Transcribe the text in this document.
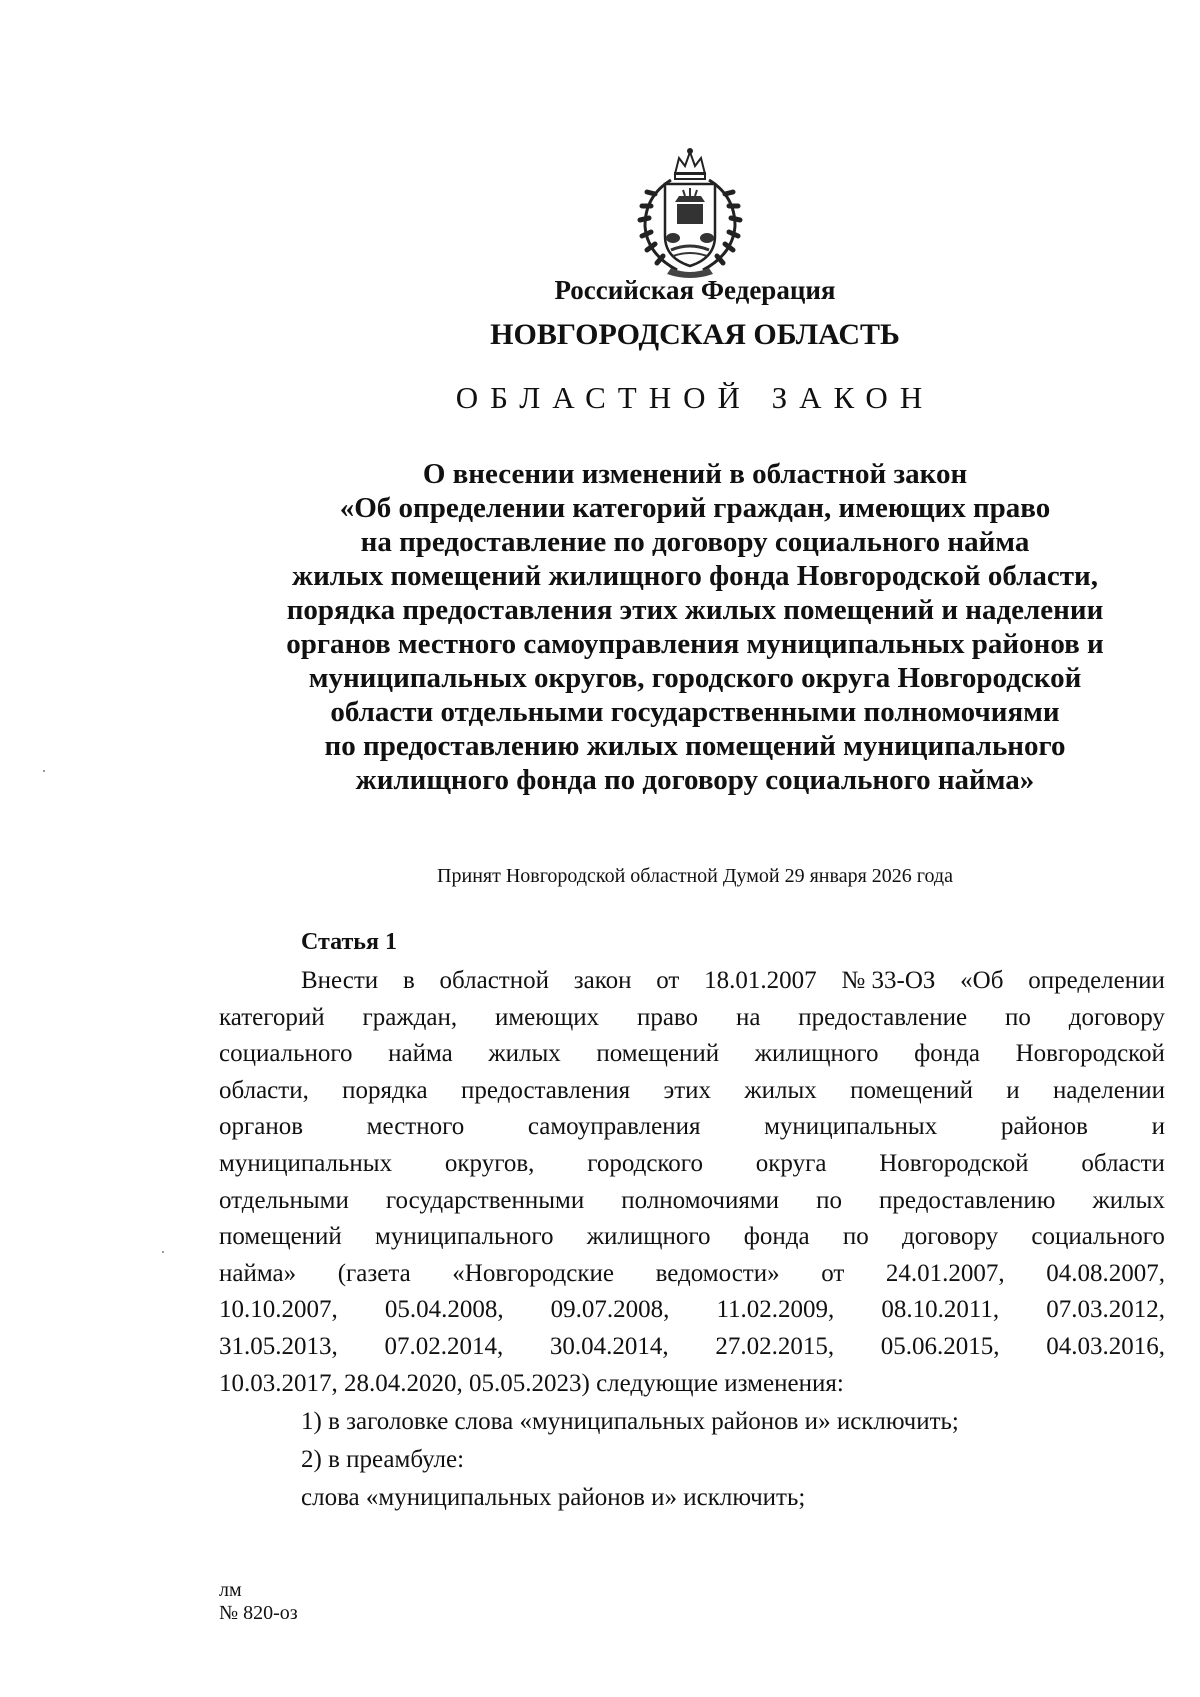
Российская Федерация
НОВГОРОДСКАЯ ОБЛАСТЬ
ОБЛАСТНОЙ ЗАКОН
О внесении изменений в областной закон
«Об определении категорий граждан, имеющих право
на предоставление по договору социального найма
жилых помещений жилищного фонда Новгородской области,
порядка предоставления этих жилых помещений и наделении
органов местного самоуправления муниципальных районов и
муниципальных округов, городского округа Новгородской
области отдельными государственными полномочиями
по предоставлению жилых помещений муниципального
жилищного фонда по договору социального найма»
Принят Новгородской областной Думой 29 января 2026 года
Статья 1
Внести в областной закон от 18.01.2007 № 33-ОЗ «Об определении
категорий граждан, имеющих право на предоставление по договору
социального найма жилых помещений жилищного фонда Новгородской
области, порядка предоставления этих жилых помещений и наделении
органов	местного	самоуправления	муниципальных	районов	и
муниципальных округов, городского округа Новгородской области
отдельными государственными полномочиями по предоставлению жилых
помещений муниципального жилищного фонда по договору социального
найма» (газета «Новгородские ведомости» от 24.01.2007, 04.08.2007,
10.10.2007, 05.04.2008, 09.07.2008, 11.02.2009, 08.10.2011, 07.03.2012,
31.05.2013, 07.02.2014, 30.04.2014, 27.02.2015, 05.06.2015, 04.03.2016,
10.03.2017, 28.04.2020, 05.05.2023) следующие изменения:
1) в заголовке слова «муниципальных районов и» исключить;
2) в преамбуле:
слова «муниципальных районов и» исключить;
лм
№ 820-оз
